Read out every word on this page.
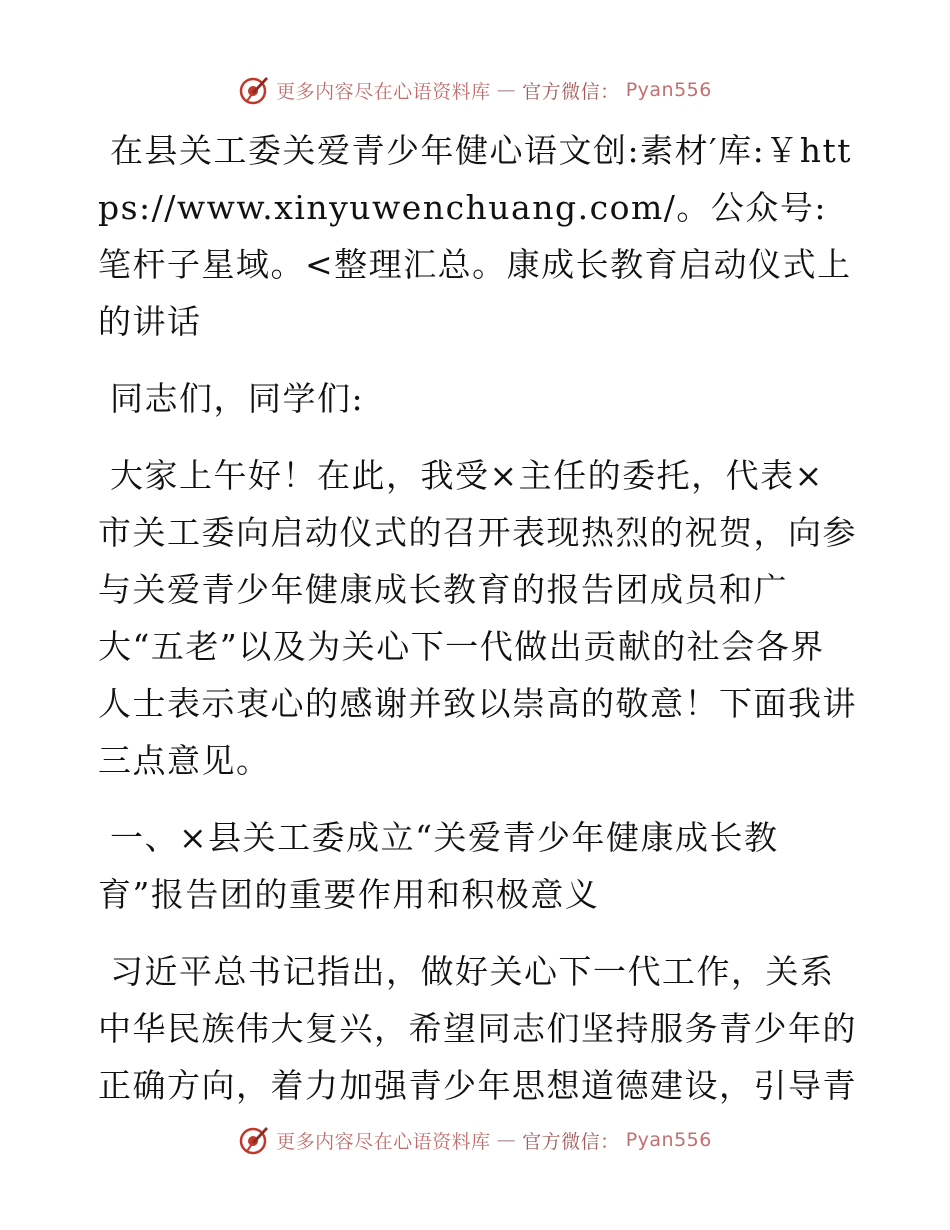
更多内容尽在心语资料库 — 官方微信： Pyan556

在县关工委关爱青少年健心语文创:素材′库:￥https://www.xinyuwenchuang.com/。公众号:笔杆子星域。<整理汇总。康成长教育启动仪式上的讲话

同志们，同学们:

大家上午好！在此，我受×主任的委托，代表×市关工委向启动仪式的召开表现热烈的祝贺，向参与关爱青少年健康成长教育的报告团成员和广大“五老”以及为关心下一代做出贡献的社会各界人士表示衷心的感谢并致以崇高的敬意！下面我讲三点意见。

一、×县关工委成立“关爱青少年健康成长教育”报告团的重要作用和积极意义

习近平总书记指出，做好关心下一代工作，关系中华民族伟大复兴，希望同志们坚持服务青少年的正确方向，着力加强青少年思想道德建设，引导青

更多内容尽在心语资料库 — 官方微信： Pyan556
